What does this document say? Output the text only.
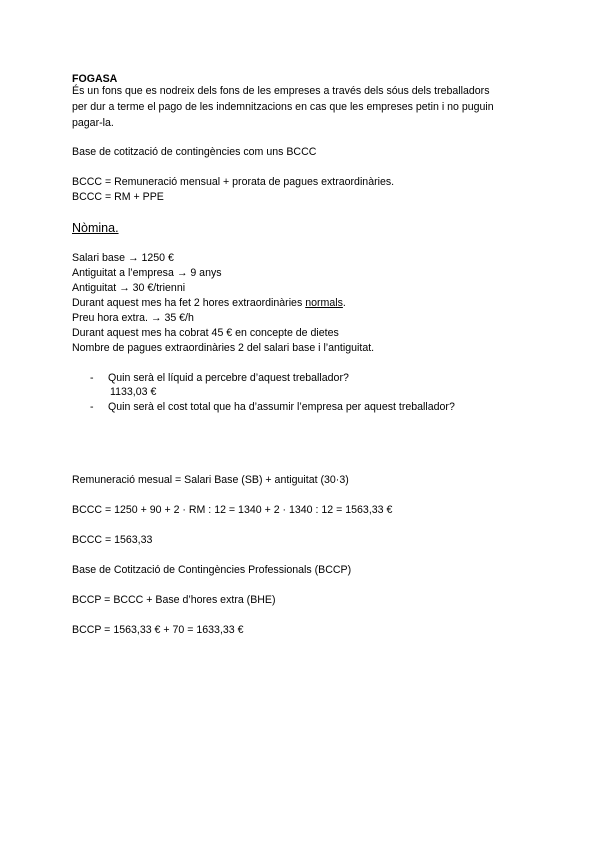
FOGASA
És un fons que es nodreix dels fons de les empreses a través dels sóus dels treballadors
per dur a terme el pago de les indemnitzacions en cas que les empreses petin i no puguin
pagar-la.
Base de cotització de contingències com uns BCCC
BCCC = Remuneració mensual + prorata de pagues extraordinàries.
BCCC = RM + PPE
Nòmina.
Salari base → 1250 €
Antiguitat a l’empresa → 9 anys
Antiguitat → 30 €/trienni
Durant aquest mes ha fet 2 hores extraordinàries normals.
Preu hora extra. → 35 €/h
Durant aquest mes ha cobrat 45 € en concepte de dietes
Nombre de pagues extraordinàries 2 del salari base i l’antiguitat.
- Quin serà el líquid a percebre d’aquest treballador?
1133,03 €
- Quin serà el cost total que ha d’assumir l’empresa per aquest treballador?
Remuneració mesual = Salari Base (SB) + antiguitat (30·3)
BCCC = 1250 + 90 + 2 · RM : 12 = 1340 + 2 · 1340 : 12 = 1563,33 €
BCCC = 1563,33
Base de Cotització de Contingències Professionals (BCCP)
BCCP = BCCC + Base d’hores extra (BHE)
BCCP = 1563,33 € + 70 = 1633,33 €
